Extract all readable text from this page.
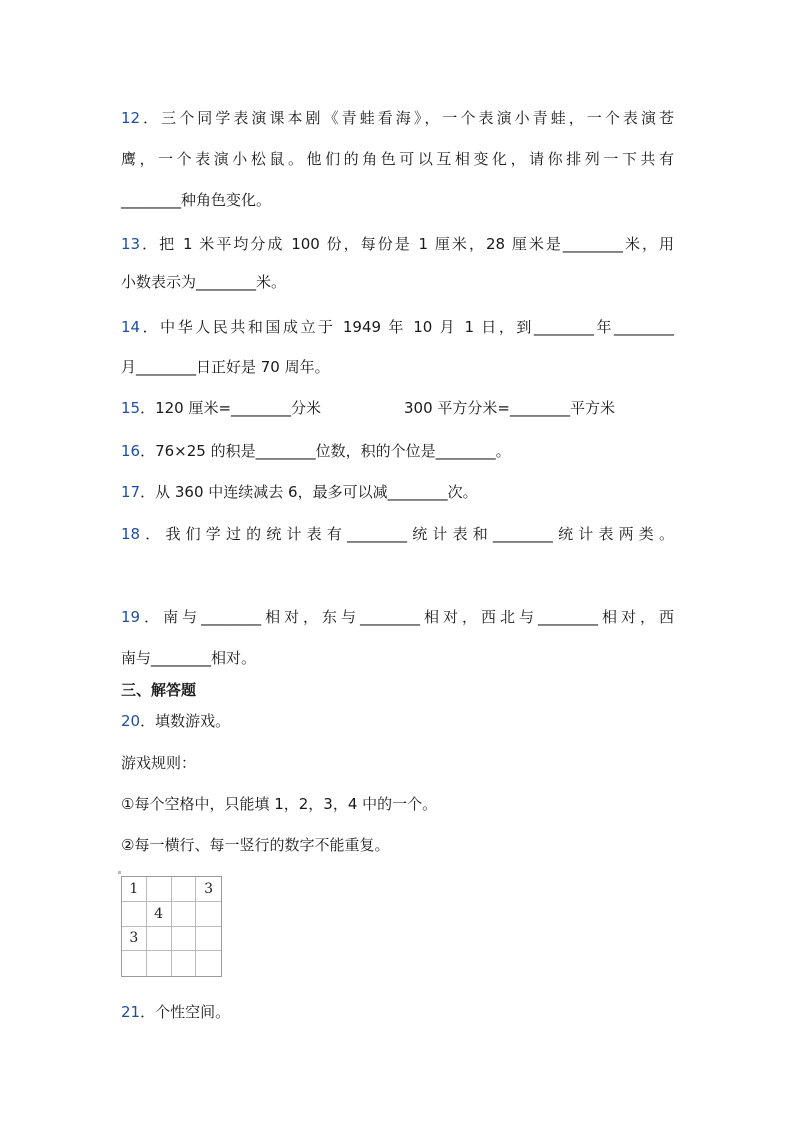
12．三个同学表演课本剧《青蛙看海》，一个表演小青蛙，一个表演苍
鹰，一个表演小松鼠。他们的角色可以互相变化，请你排列一下共有
________种角色变化。
13．把 1 米平均分成 100 份，每份是 1 厘米，28 厘米是________米，用
小数表示为________米。
14．中华人民共和国成立于 1949 年 10 月 1 日，到________年________
月________日正好是 70 周年。
15．120 厘米=________分米	300 平方分米=________平方米
16．76×25 的积是________位数，积的个位是________。
17．从 360 中连续减去 6，最多可以减________次。
18．我们学过的统计表有________统计表和________统计表两类。
19．南与________相对，东与________相对，西北与________相对，西
南与________相对。
三、解答题
20．填数游戏。
游戏规则：
①每个空格中，只能填 1，2，3，4 中的一个。
②每一横行、每一竖行的数字不能重复。
1	3
4
3
21．个性空间。
